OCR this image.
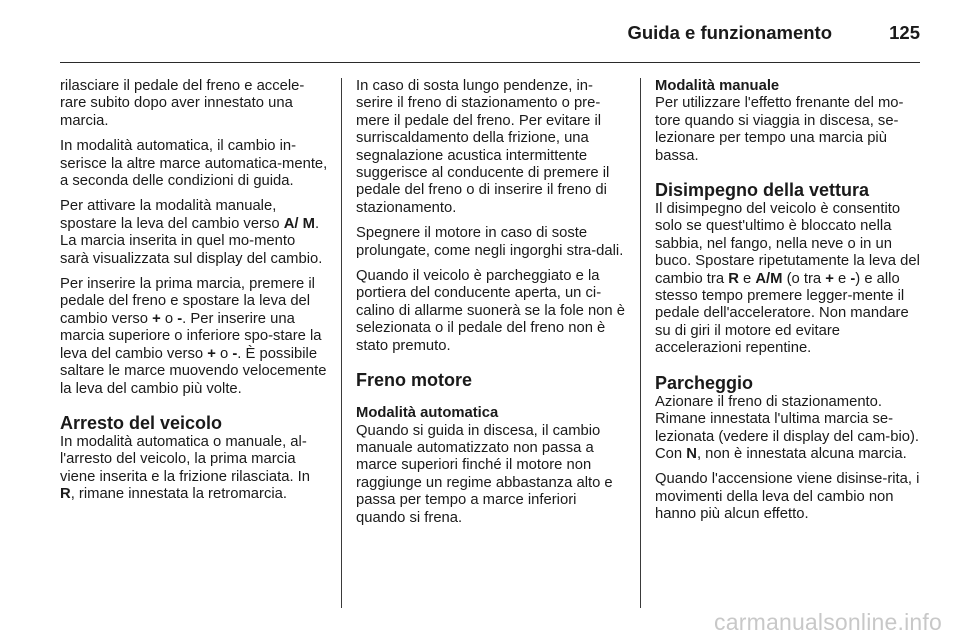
Guida e funzionamento	125

rilasciare il pedale del freno e accele-rare subito dopo aver innestato una marcia.

In modalità automatica, il cambio in-serisce la altre marce automatica-mente, a seconda delle condizioni di guida.

Per attivare la modalità manuale, spostare la leva del cambio verso A/ M. La marcia inserita in quel mo-mento sarà visualizzata sul display del cambio.

Per inserire la prima marcia, premere il pedale del freno e spostare la leva del cambio verso + o -. Per inserire una marcia superiore o inferiore spo-stare la leva del cambio verso + o -. È possibile saltare le marce muovendo velocemente la leva del cambio più volte.

Arresto del veicolo

In modalità automatica o manuale, al-l'arresto del veicolo, la prima marcia viene inserita e la frizione rilasciata. In R, rimane innestata la retromarcia.

In caso di sosta lungo pendenze, in-serire il freno di stazionamento o pre-mere il pedale del freno. Per evitare il surriscaldamento della frizione, una segnalazione acustica intermittente suggerisce al conducente di premere il pedale del freno o di inserire il freno di stazionamento.

Spegnere il motore in caso di soste prolungate, come negli ingorghi stra-dali.

Quando il veicolo è parcheggiato e la portiera del conducente aperta, un ci-calino di allarme suonerà se la fole non è selezionata o il pedale del freno non è stato premuto.

Freno motore
Modalità automatica

Quando si guida in discesa, il cambio manuale automatizzato non passa a marce superiori finché il motore non raggiunge un regime abbastanza alto e passa per tempo a marce inferiori quando si frena.

Modalità manuale

Per utilizzare l'effetto frenante del mo-tore quando si viaggia in discesa, se-lezionare per tempo una marcia più bassa.

Disimpegno della vettura

Il disimpegno del veicolo è consentito solo se quest'ultimo è bloccato nella sabbia, nel fango, nella neve o in un buco. Spostare ripetutamente la leva del cambio tra R e A/M (o tra + e -) e allo stesso tempo premere legger-mente il pedale dell'acceleratore. Non mandare su di giri il motore ed evitare accelerazioni repentine.

Parcheggio

Azionare il freno di stazionamento. Rimane innestata l'ultima marcia se-lezionata (vedere il display del cam-bio). Con N, non è innestata alcuna marcia.

Quando l'accensione viene disinse-rita, i movimenti della leva del cambio non hanno più alcun effetto.

carmanualsonline.info
